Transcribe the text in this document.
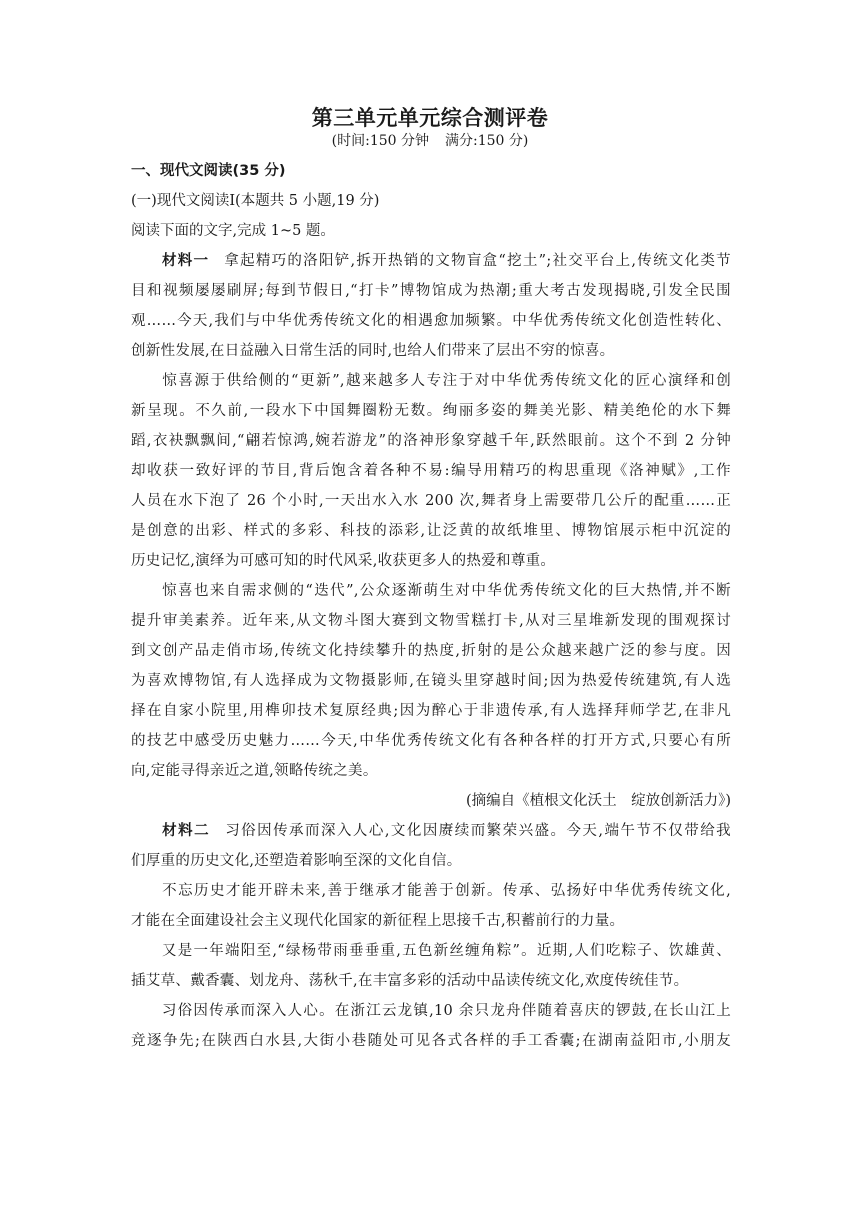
第三单元单元综合测评卷
(时间:150 分钟 满分:150 分)
一、现代文阅读(35 分)
(一)现代文阅读Ⅰ(本题共 5 小题,19 分)
阅读下面的文字,完成 1~5 题。
材料一 拿起精巧的洛阳铲,拆开热销的文物盲盒“挖土”;社交平台上,传统文化类节
目和视频屡屡刷屏;每到节假日,“打卡”博物馆成为热潮;重大考古发现揭晓,引发全民围
观……今天,我们与中华优秀传统文化的相遇愈加频繁。中华优秀传统文化创造性转化、
创新性发展,在日益融入日常生活的同时,也给人们带来了层出不穷的惊喜。
惊喜源于供给侧的“更新”,越来越多人专注于对中华优秀传统文化的匠心演绎和创
新呈现。不久前,一段水下中国舞圈粉无数。绚丽多姿的舞美光影、精美绝伦的水下舞
蹈,衣袂飘飘间,“翩若惊鸿,婉若游龙”的洛神形象穿越千年,跃然眼前。这个不到 2 分钟
却收获一致好评的节目,背后饱含着各种不易:编导用精巧的构思重现《洛神赋》,工作
人员在水下泡了 26 个小时,一天出水入水 200 次,舞者身上需要带几公斤的配重……正
是创意的出彩、样式的多彩、科技的添彩,让泛黄的故纸堆里、博物馆展示柜中沉淀的
历史记忆,演绎为可感可知的时代风采,收获更多人的热爱和尊重。
惊喜也来自需求侧的“迭代”,公众逐渐萌生对中华优秀传统文化的巨大热情,并不断
提升审美素养。近年来,从文物斗图大赛到文物雪糕打卡,从对三星堆新发现的围观探讨
到文创产品走俏市场,传统文化持续攀升的热度,折射的是公众越来越广泛的参与度。因
为喜欢博物馆,有人选择成为文物摄影师,在镜头里穿越时间;因为热爱传统建筑,有人选
择在自家小院里,用榫卯技术复原经典;因为醉心于非遗传承,有人选择拜师学艺,在非凡
的技艺中感受历史魅力……今天,中华优秀传统文化有各种各样的打开方式,只要心有所
向,定能寻得亲近之道,领略传统之美。
(摘编自《植根文化沃土　绽放创新活力》)
材料二 习俗因传承而深入人心,文化因赓续而繁荣兴盛。今天,端午节不仅带给我
们厚重的历史文化,还塑造着影响至深的文化自信。
不忘历史才能开辟未来,善于继承才能善于创新。传承、弘扬好中华优秀传统文化,
才能在全面建设社会主义现代化国家的新征程上思接千古,积蓄前行的力量。
又是一年端阳至,“绿杨带雨垂垂重,五色新丝缠角粽”。近期,人们吃粽子、饮雄黄、
插艾草、戴香囊、划龙舟、荡秋千,在丰富多彩的活动中品读传统文化,欢度传统佳节。
习俗因传承而深入人心。在浙江云龙镇,10 余只龙舟伴随着喜庆的锣鼓,在长山江上
竞逐争先;在陕西白水县,大街小巷随处可见各式各样的手工香囊;在湖南益阳市,小朋友
